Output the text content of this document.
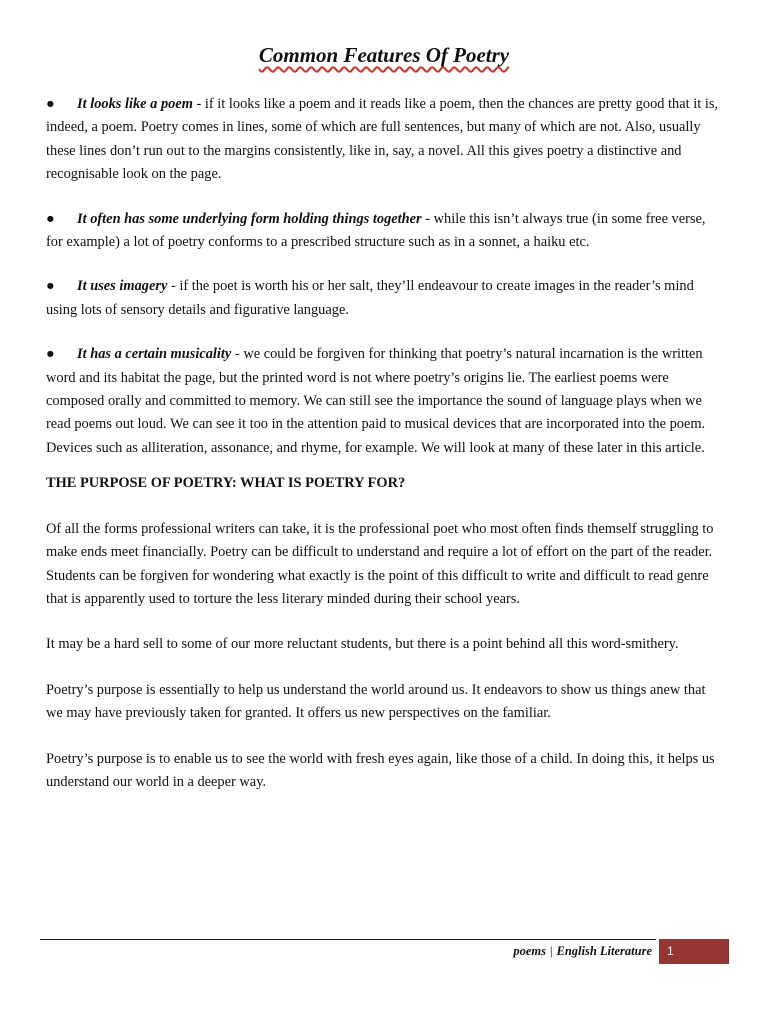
Common Features Of Poetry

● It looks like a poem - if it looks like a poem and it reads like a poem, then the chances are pretty good that it is, indeed, a poem. Poetry comes in lines, some of which are full sentences, but many of which are not. Also, usually these lines don’t run out to the margins consistently, like in, say, a novel. All this gives poetry a distinctive and recognisable look on the page.

● It often has some underlying form holding things together - while this isn’t always true (in some free verse, for example) a lot of poetry conforms to a prescribed structure such as in a sonnet, a haiku etc.

● It uses imagery - if the poet is worth his or her salt, they’ll endeavour to create images in the reader’s mind using lots of sensory details and figurative language.

● It has a certain musicality - we could be forgiven for thinking that poetry’s natural incarnation is the written word and its habitat the page, but the printed word is not where poetry’s origins lie. The earliest poems were composed orally and committed to memory. We can still see the importance the sound of language plays when we read poems out loud. We can see it too in the attention paid to musical devices that are incorporated into the poem. Devices such as alliteration, assonance, and rhyme, for example. We will look at many of these later in this article.

THE PURPOSE OF POETRY: WHAT IS POETRY FOR?

Of all the forms professional writers can take, it is the professional poet who most often finds themself struggling to make ends meet financially. Poetry can be difficult to understand and require a lot of effort on the part of the reader. Students can be forgiven for wondering what exactly is the point of this difficult to write and difficult to read genre that is apparently used to torture the less literary minded during their school years.

It may be a hard sell to some of our more reluctant students, but there is a point behind all this word-smithery.

Poetry’s purpose is essentially to help us understand the world around us. It endeavors to show us things anew that we may have previously taken for granted. It offers us new perspectives on the familiar.

Poetry’s purpose is to enable us to see the world with fresh eyes again, like those of a child. In doing this, it helps us understand our world in a deeper way.

poems | English Literature	1
